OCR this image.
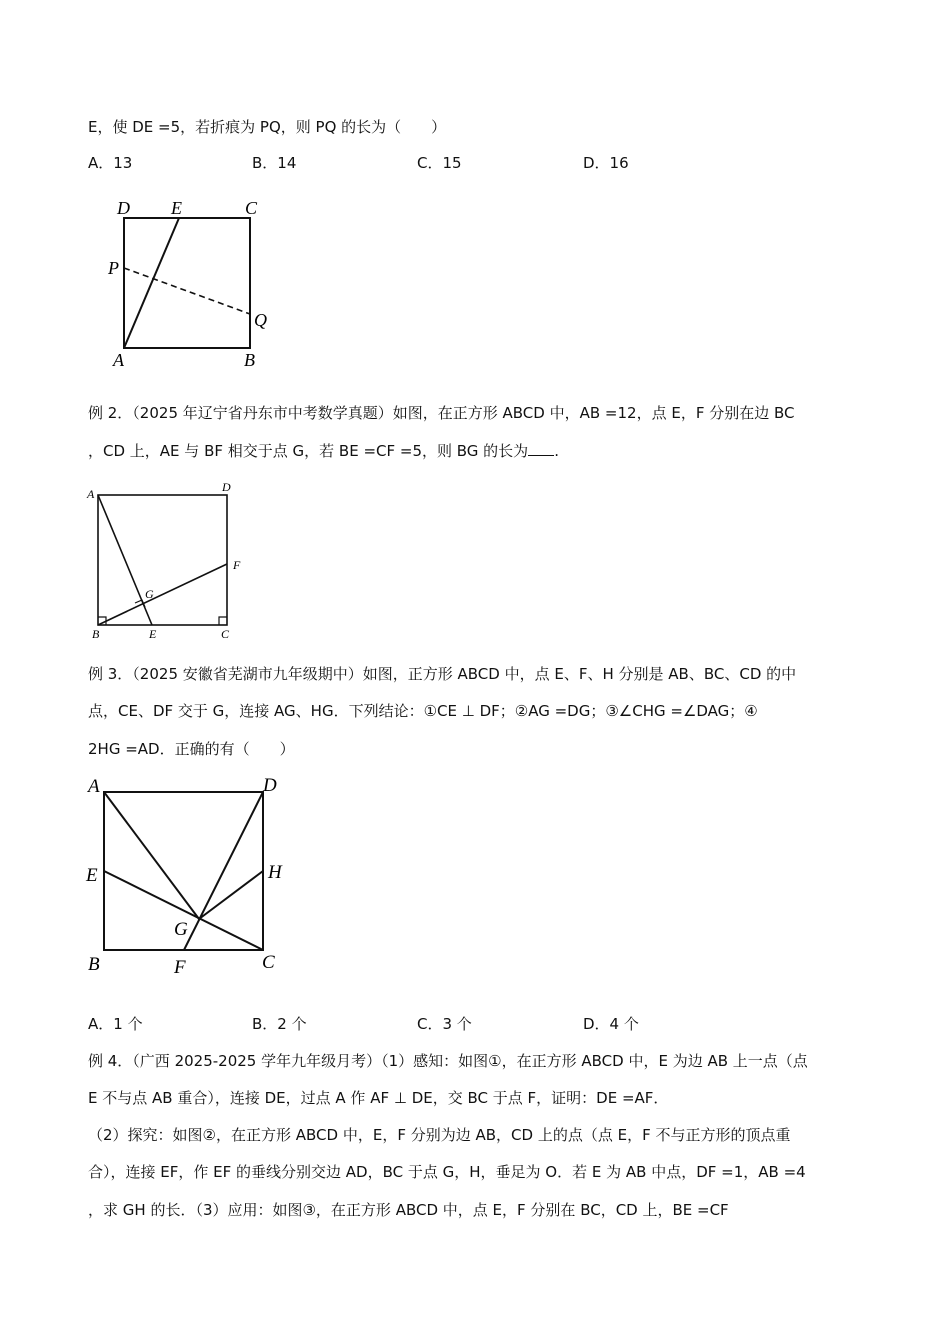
E，使 DE =5，若折痕为 PQ，则 PQ 的长为（　　）
A．13	B．14	C．15	D．16
D E	C
P
Q
A	B
例 2．（2025 年辽宁省丹东市中考数学真题）如图，在正方形 ABCD 中，AB =12，点 E，F 分别在边 BC
，CD 上，AE 与 BF 相交于点 G，若 BE =CF =5，则 BG 的长为 .
A	D
F
G
B	E	C
例 3．（2025 安徽省芜湖市九年级期中）如图，正方形 ABCD 中，点 E、F、H 分别是 AB、BC、CD 的中
点，CE、DF 交于 G，连接 AG、HG．下列结论：①CE ⊥ DF；②AG =DG；③∠CHG =∠DAG；④
2HG =AD．正确的有（　　）
A	D
E	H
G
B	F	C
A．1 个	B．2 个	C．3 个	D．4 个
例 4．（广西 2025-2025 学年九年级月考）（1）感知：如图①，在正方形 ABCD 中，E 为边 AB 上一点（点
E 不与点 AB 重合），连接 DE，过点 A 作 AF ⊥ DE，交 BC 于点 F，证明：DE =AF．
（2）探究：如图②，在正方形 ABCD 中，E，F 分别为边 AB，CD 上的点（点 E，F 不与正方形的顶点重
合），连接 EF，作 EF 的垂线分别交边 AD，BC 于点 G，H，垂足为 O．若 E 为 AB 中点，DF =1，AB =4
，求 GH 的长．（3）应用：如图③，在正方形 ABCD 中，点 E，F 分别在 BC，CD 上，BE =CF
